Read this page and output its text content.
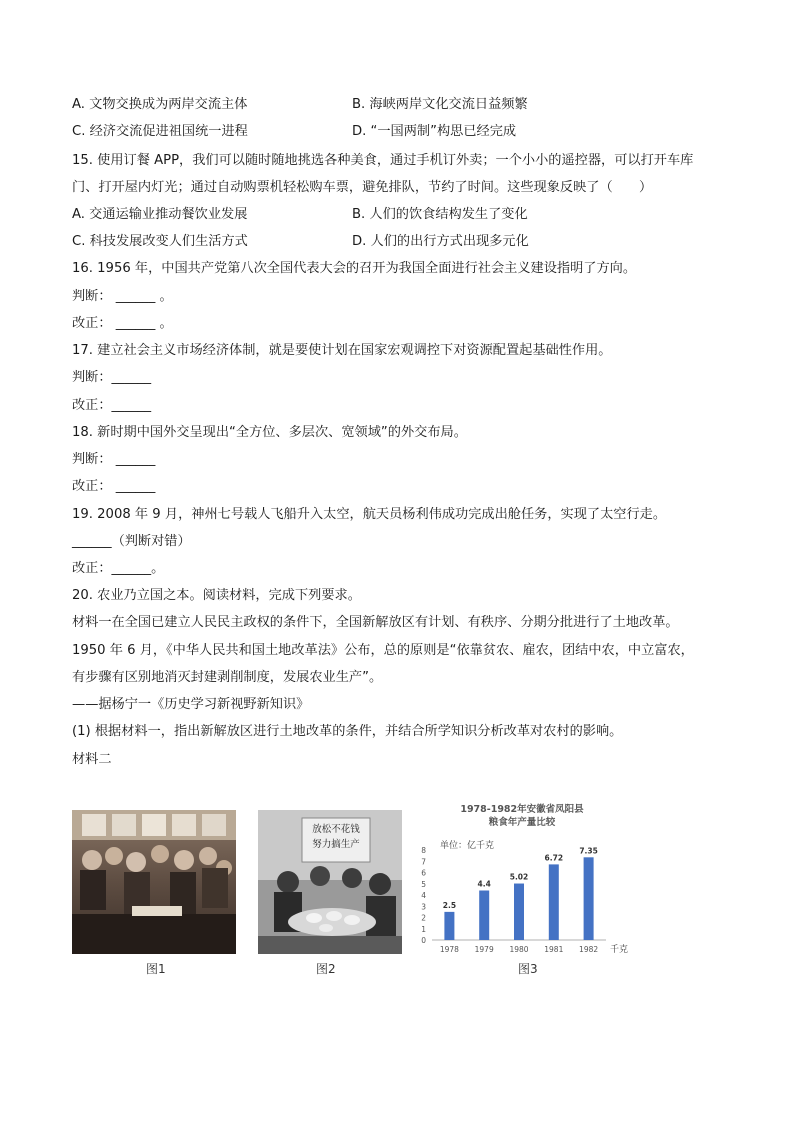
A. 文物交换成为两岸交流主体	B. 海峡两岸文化交流日益频繁
C. 经济交流促进祖国统一进程	D. “一国两制”构思已经完成
15. 使用订餐 APP，我们可以随时随地挑选各种美食，通过手机订外卖；一个小小的遥控器，可以打开车库
门、打开屋内灯光；通过自动购票机轻松购车票，避免排队，节约了时间。这些现象反映了（　　）
A. 交通运输业推动餐饮业发展	B. 人们的饮食结构发生了变化
C. 科技发展改变人们生活方式	D. 人们的出行方式出现多元化
16. 1956 年，中国共产党第八次全国代表大会的召开为我国全面进行社会主义建设指明了方向。
判断： ______ 。
改正： ______ 。
17. 建立社会主义市场经济体制，就是要使计划在国家宏观调控下对资源配置起基础性作用。
判断：______
改正：______
18. 新时期中国外交呈现出“全方位、多层次、宽领域”的外交布局。
判断： ______
改正： ______
19. 2008 年 9 月，神州七号载人飞船升入太空，航天员杨利伟成功完成出舱任务，实现了太空行走。
______（判断对错）
改正：______。
20. 农业乃立国之本。阅读材料，完成下列要求。
材料一在全国已建立人民民主政权的条件下，全国新解放区有计划、有秩序、分期分批进行了土地改革。
1950 年 6 月，《中华人民共和国土地改革法》公布，总的原则是“依靠贫农、雇农，团结中农，中立富农，
有步骤有区别地消灭封建剥削制度，发展农业生产”。
——据杨宁一《历史学习新视野新知识》
(1) 根据材料一，指出新解放区进行土地改革的条件，并结合所学知识分析改革对农村的影响。
材料二
图1
放松不花钱 努力搞生产
图2
1978-1982年安徽省凤阳县
粮食年产量比较
单位：亿千克
0
1
2
3
4
5
6
7
8
2.5
4.4
5.02
6.72
7.35
1978 1979 1980 1981 1982 千克
图3
